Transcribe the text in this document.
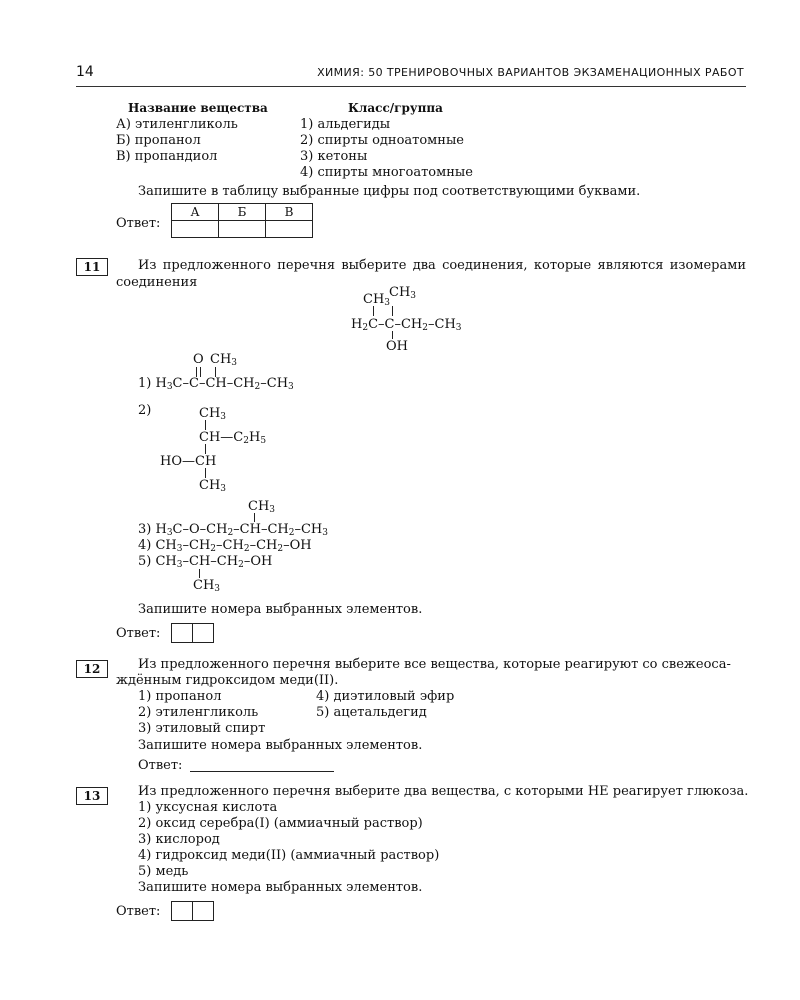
14	ХИМИЯ: 50 ТРЕНИРОВОЧНЫХ ВАРИАНТОВ ЭКЗАМЕНАЦИОННЫХ РАБОТ
Название вещества	Класс/группа
А) этиленгликоль
Б) пропанол
В) пропандиол
1) альдегиды
2) спирты одноатомные
3) кетоны
4) спирты многоатомные
Запишите в таблицу выбранные цифры под соответствующими буквами.
Ответ:
А	Б	В

11	Из предложенного перечня выберите два соединения, которые являются изомерами соединения
$CH_3$
$CH_3$
$H_2C-C-CH_2-CH_3$
OH
O $CH_3$
1) $H_3C-C-CH-CH_2-CH_3$
2)	$CH_3$
$CH—C_2H_5$
HO—CH
$CH_3$
$CH_3$
3) $H_3C-O-CH_2-CH-CH_2-CH_3$
4) $CH_3-CH_2-CH_2-CH_2-OH$
5) $CH_3-CH-CH_2-OH$
$CH_3$
Запишите номера выбранных элементов.
Ответ:
12	Из предложенного перечня выберите все вещества, которые реагируют со свежеоса-
ждённым гидроксидом меди(II).
1) пропанол
2) этиленгликоль
3) этиловый спирт
4) диэтиловый эфир
5) ацетальдегид
Запишите номера выбранных элементов.
Ответ:
13	Из предложенного перечня выберите два вещества, с которыми НЕ реагирует глюкоза.
1) уксусная кислота
2) оксид серебра(I) (аммиачный раствор)
3) кислород
4) гидроксид меди(II) (аммиачный раствор)
5) медь
Запишите номера выбранных элементов.
Ответ:
